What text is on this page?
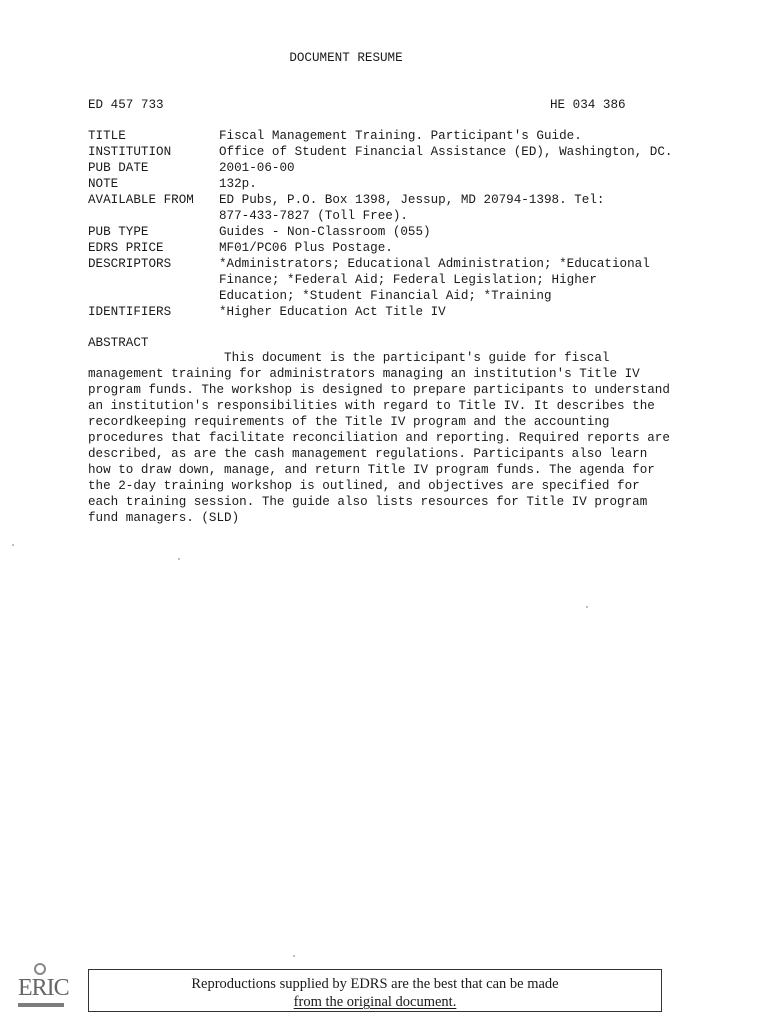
DOCUMENT RESUME
ED 457 733	HE 034 386
TITLE	Fiscal Management Training. Participant's Guide.
INSTITUTION	Office of Student Financial Assistance (ED), Washington, DC.
PUB DATE	2001-06-00
NOTE	132p.
AVAILABLE FROM	ED Pubs, P.O. Box 1398, Jessup, MD 20794-1398. Tel:
877-433-7827 (Toll Free).
PUB TYPE	Guides - Non-Classroom (055)
EDRS PRICE	MF01/PC06 Plus Postage.
DESCRIPTORS	*Administrators; Educational Administration; *Educational
Finance; *Federal Aid; Federal Legislation; Higher
Education; *Student Financial Aid; *Training
IDENTIFIERS	*Higher Education Act Title IV
ABSTRACT
This document is the participant's guide for fiscal
management training for administrators managing an institution's Title IV
program funds. The workshop is designed to prepare participants to understand
an institution's responsibilities with regard to Title IV. It describes the
recordkeeping requirements of the Title IV program and the accounting
procedures that facilitate reconciliation and reporting. Required reports are
described, as are the cash management regulations. Participants also learn
how to draw down, manage, and return Title IV program funds. The agenda for
the 2-day training workshop is outlined, and objectives are specified for
each training session. The guide also lists resources for Title IV program
fund managers. (SLD)
ERIC	Reproductions supplied by EDRS are the best that can be made
from the original document.
